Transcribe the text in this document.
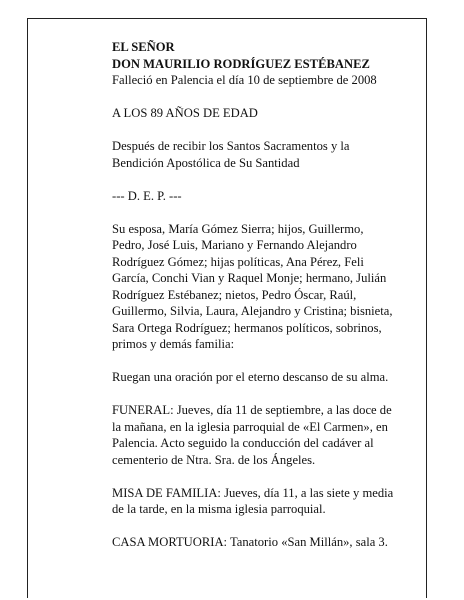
EL SEÑOR
DON MAURILIO RODRÍGUEZ ESTÉBANEZ
Falleció en Palencia el día 10 de septiembre de 2008
A LOS 89 AÑOS DE EDAD
Después de recibir los Santos Sacramentos y la
Bendición Apostólica de Su Santidad
--- D. E. P. ---
Su esposa, María Gómez Sierra; hijos, Guillermo,
Pedro, José Luis, Mariano y Fernando Alejandro
Rodríguez Gómez; hijas políticas, Ana Pérez, Feli
García, Conchi Vian y Raquel Monje; hermano, Julián
Rodríguez Estébanez; nietos, Pedro Óscar, Raúl,
Guillermo, Silvia, Laura, Alejandro y Cristina; bisnieta,
Sara Ortega Rodríguez; hermanos políticos, sobrinos,
primos y demás familia:
Ruegan una oración por el eterno descanso de su alma.
FUNERAL: Jueves, día 11 de septiembre, a las doce de
la mañana, en la iglesia parroquial de «El Carmen», en
Palencia. Acto seguido la conducción del cadáver al
cementerio de Ntra. Sra. de los Ángeles.
MISA DE FAMILIA: Jueves, día 11, a las siete y media
de la tarde, en la misma iglesia parroquial.
CASA MORTUORIA: Tanatorio «San Millán», sala 3.
